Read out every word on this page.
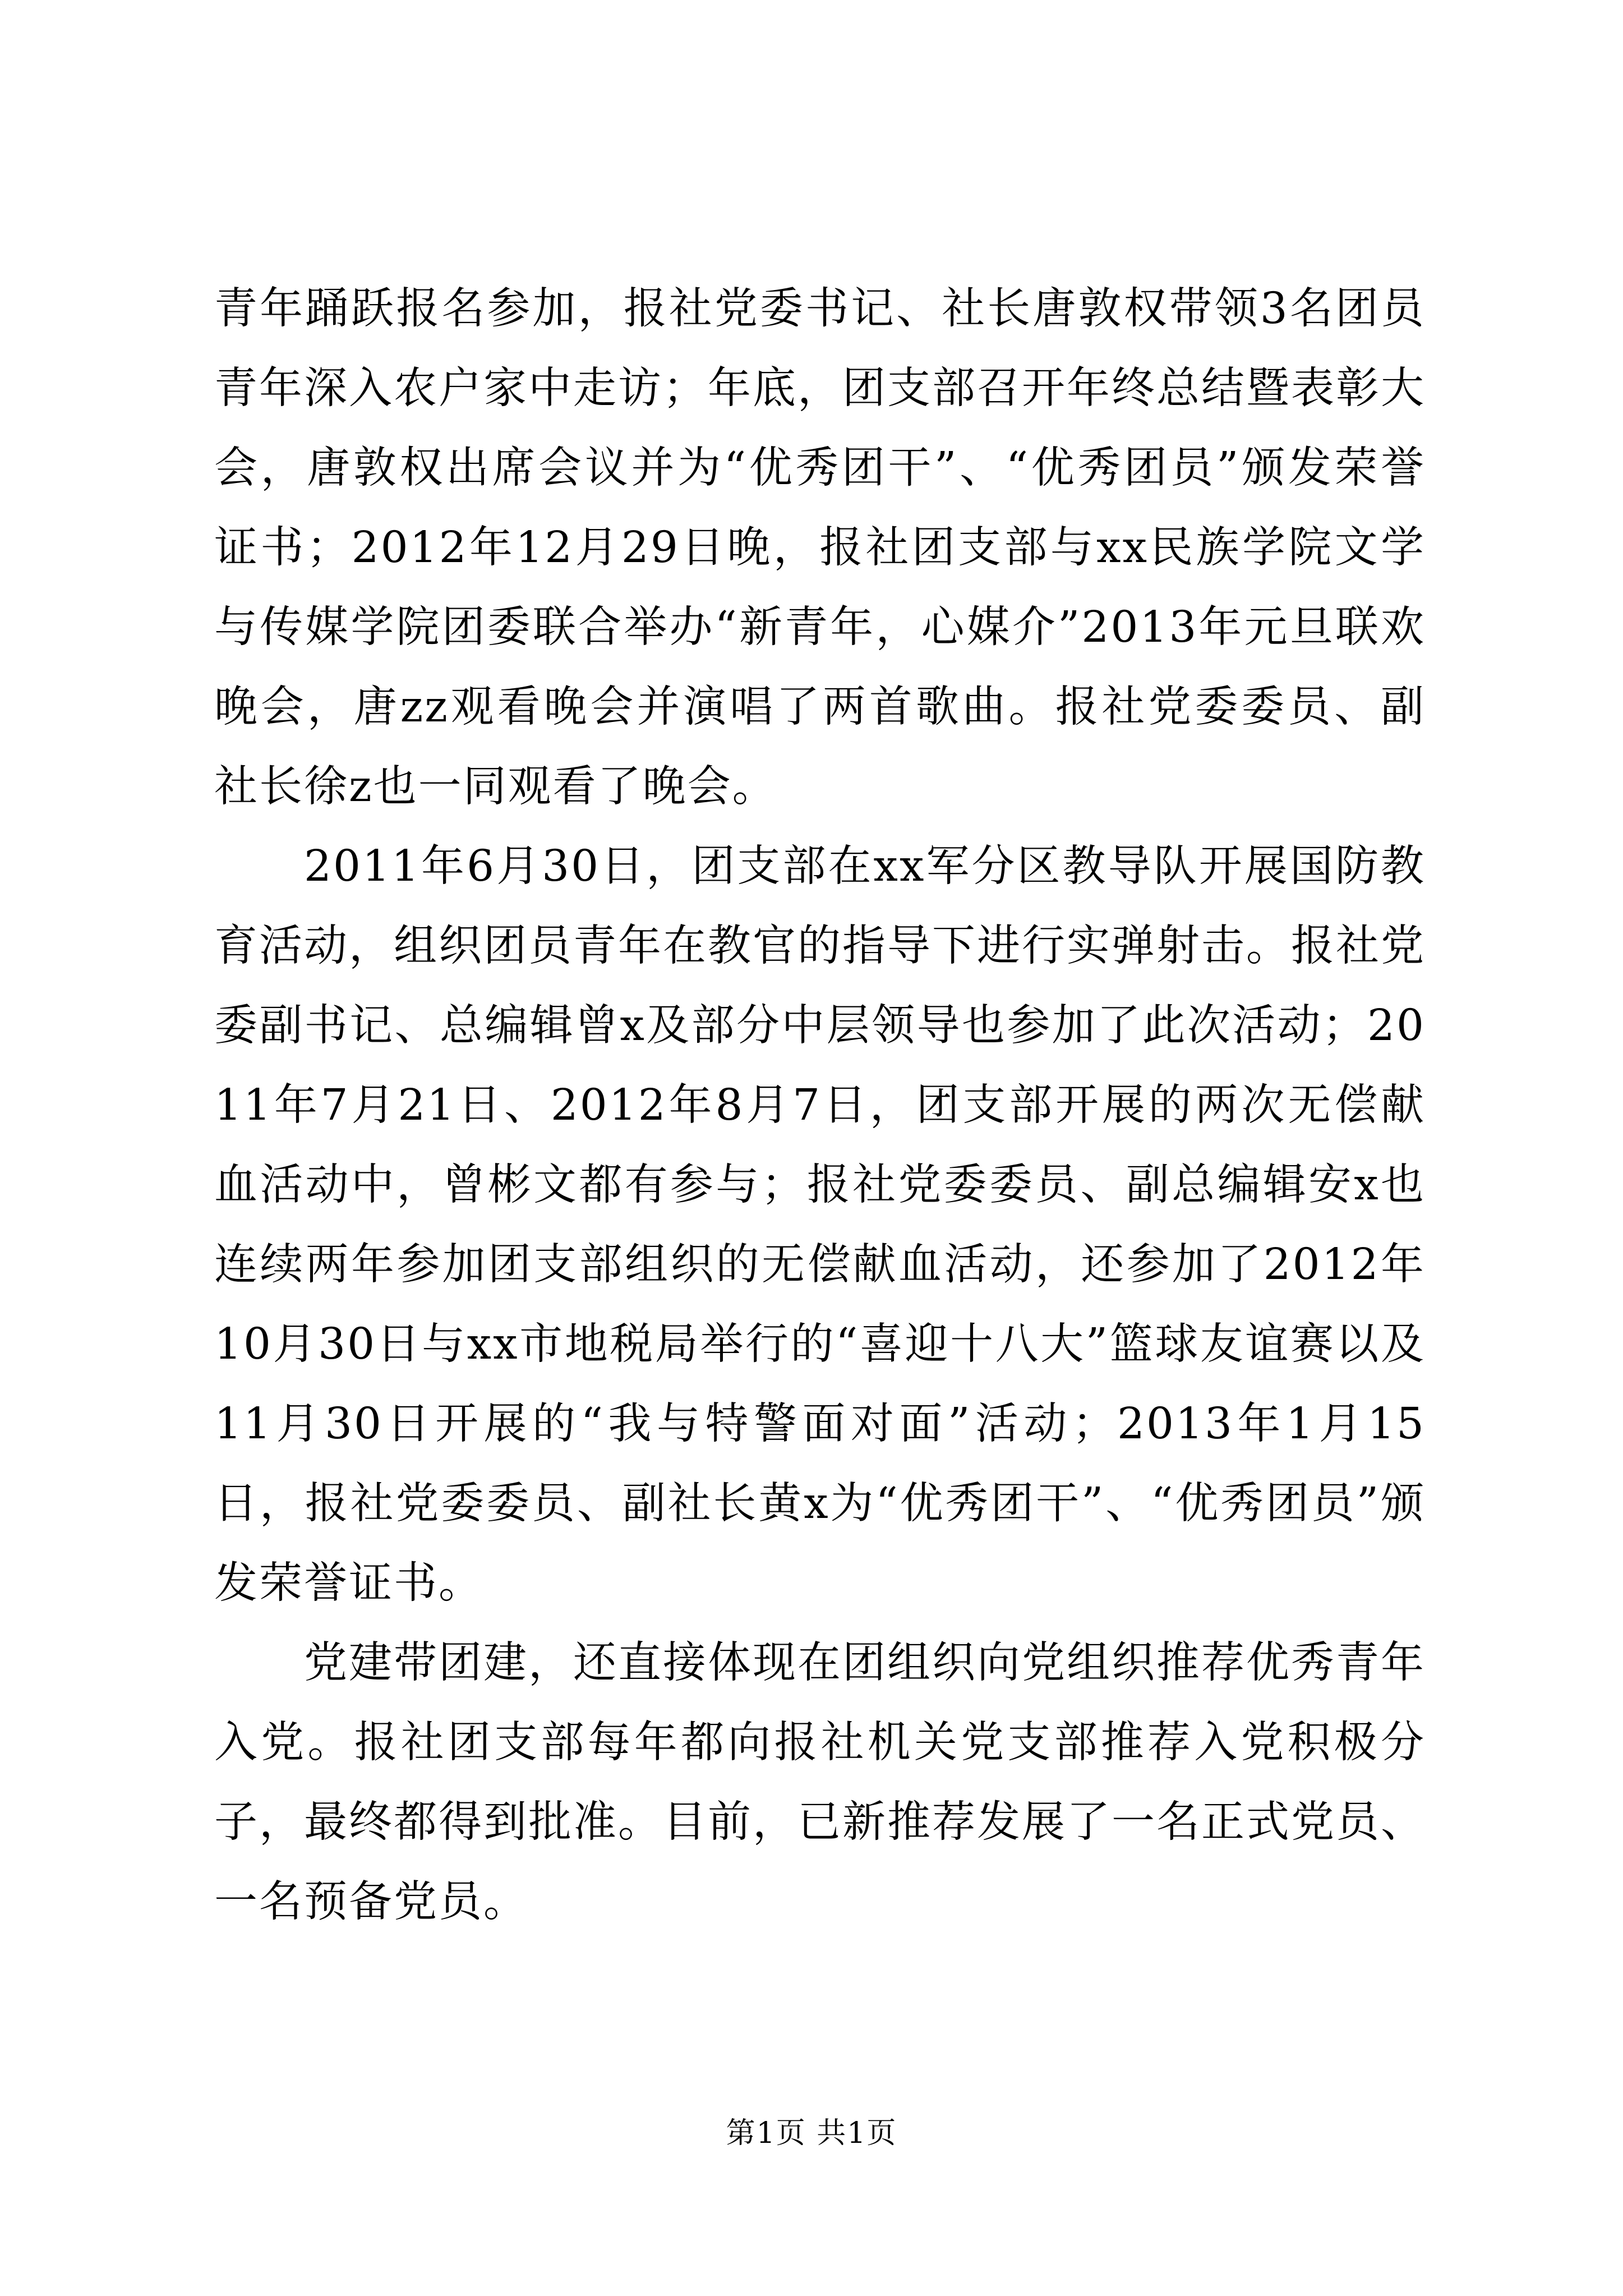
青年踊跃报名参加，报社党委书记、社长唐敦权带领3名团员青年深入农户家中走访；年底，团支部召开年终总结暨表彰大会，唐敦权出席会议并为“优秀团干”、“优秀团员”颁发荣誉证书；2012年12月29日晚，报社团支部与xx民族学院文学与传媒学院团委联合举办“新青年，心媒介”2013年元旦联欢晚会，唐zz观看晚会并演唱了两首歌曲。报社党委委员、副社长徐z也一同观看了晚会。

2011年6月30日，团支部在xx军分区教导队开展国防教育活动，组织团员青年在教官的指导下进行实弹射击。报社党委副书记、总编辑曾x及部分中层领导也参加了此次活动；2011年7月21日、2012年8月7日，团支部开展的两次无偿献血活动中，曾彬文都有参与；报社党委委员、副总编辑安x也连续两年参加团支部组织的无偿献血活动，还参加了2012年10月30日与xx市地税局举行的“喜迎十八大”篮球友谊赛以及11月30日开展的“我与特警面对面”活动；2013年1月15日，报社党委委员、副社长黄x为“优秀团干”、“优秀团员”颁发荣誉证书。

党建带团建，还直接体现在团组织向党组织推荐优秀青年入党。报社团支部每年都向报社机关党支部推荐入党积极分子，最终都得到批准。目前，已新推荐发展了一名正式党员、一名预备党员。

第1页 共1页
